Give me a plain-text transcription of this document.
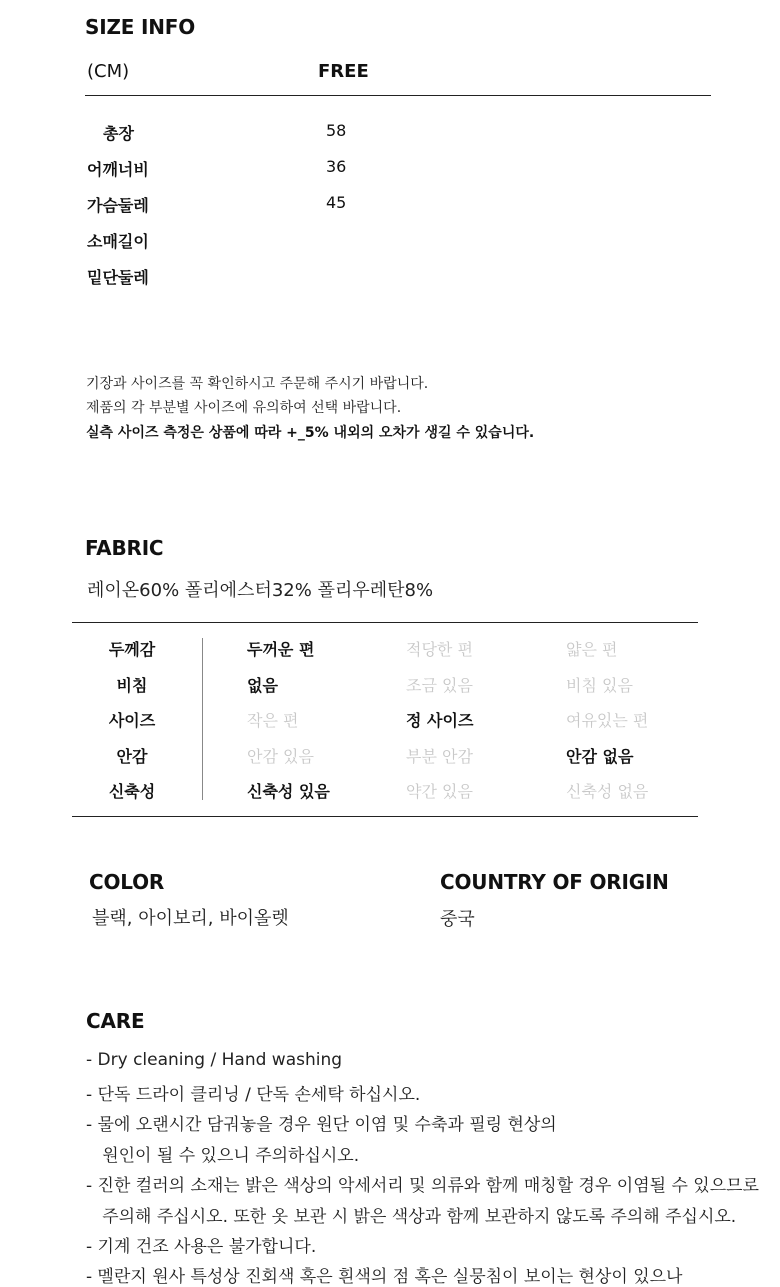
SIZE INFO
(CM)	FREE
총장	58
어깨너비	36
가슴둘레	45
소매길이
밑단둘레
기장과 사이즈를 꼭 확인하시고 주문해 주시기 바랍니다.
제품의 각 부분별 사이즈에 유의하여 선택 바랍니다.
실측 사이즈 측정은 상품에 따라 +_5% 내외의 오차가 생길 수 있습니다.
FABRIC
레이온60% 폴리에스터32% 폴리우레탄8%
두께감	두꺼운 편	적당한 편	얇은 편
비침	없음	조금 있음	비침 있음
사이즈	작은 편	정 사이즈	여유있는 편
안감	안감 있음	부분 안감	안감 없음
신축성	신축성 있음	약간 있음	신축성 없음
COLOR
블랙, 아이보리, 바이올렛
COUNTRY OF ORIGIN
중국
CARE
- Dry cleaning / Hand washing
- 단독 드라이 클리닝 / 단독 손세탁 하십시오.
- 물에 오랜시간 담궈놓을 경우 원단 이염 및 수축과 필링 현상의
원인이 될 수 있으니 주의하십시오.
- 진한 컬러의 소재는 밝은 색상의 악세서리 및 의류와 함께 매칭할 경우 이염될 수 있으므로
주의해 주십시오. 또한 옷 보관 시 밝은 색상과 함께 보관하지 않도록 주의해 주십시오.
- 기계 건조 사용은 불가합니다.
- 멜란지 원사 특성상 진회색 혹은 흰색의 점 혹은 실뭉침이 보이는 현상이 있으나
